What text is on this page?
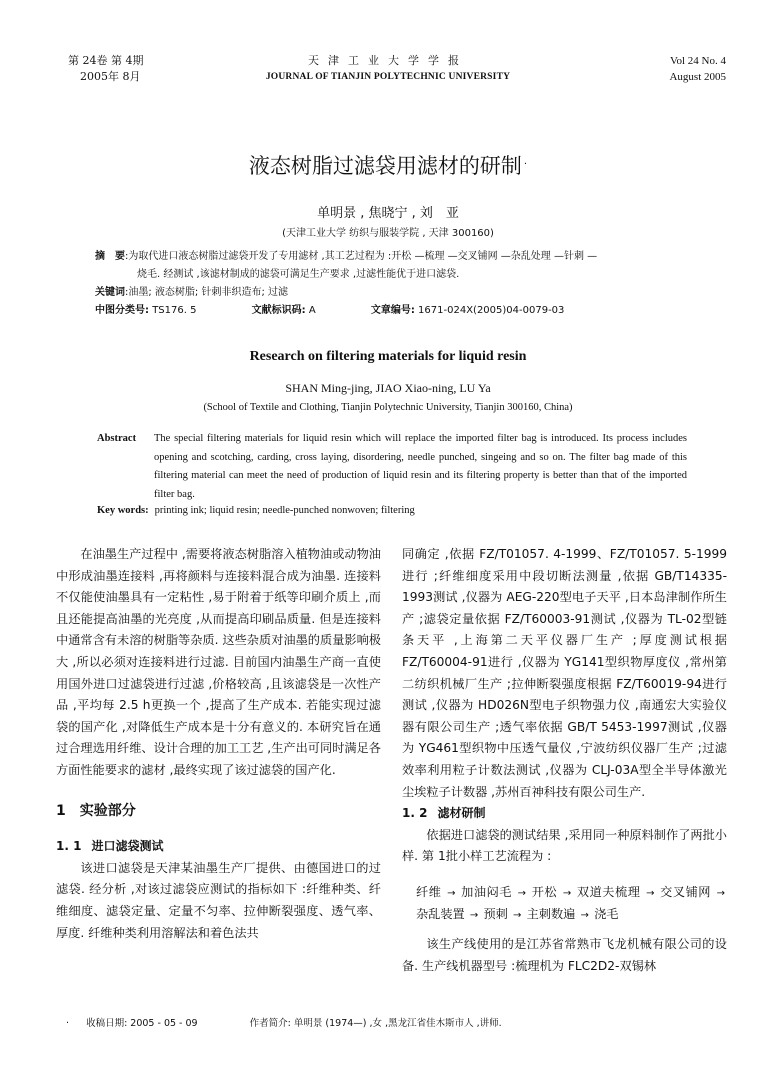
第 24卷 第 4期
2005年 8月
天津工业大学学报
JOURNAL OF TIANJIN POLYTECHNIC UNIVERSITY
Vol 24 No. 4
August 2005
液态树脂过滤袋用滤材的研制 ·
单明景 , 焦晓宁 , 刘　亚
(天津工业大学 纺织与服装学院 , 天津 300160)
摘　要:为取代进口液态树脂过滤袋开发了专用滤材 ,其工艺过程为 :开松 —梳理 —交叉铺网 —杂乱处理 —针刺 —
烧毛. 经测试 ,该滤材制成的滤袋可满足生产要求 ,过滤性能优于进口滤袋.
关键词:油墨; 液态树脂; 针刺非织造布; 过滤
中图分类号: TS176. 5	文献标识码: A	文章编号: 1671-024X(2005)04-0079-03
Research on filtering materials for liquid resin
SHAN Ming-jing, JIAO Xiao-ning, LU Ya
(School of Textile and Clothing, Tianjin Polytechnic University, Tianjin 300160, China)
Abstract	The special filtering materials for liquid resin which will replace the imported filter bag is introduced. Its process includes opening and scotching, carding, cross laying, disordering, needle punched, singeing and so on. The filter bag made of this filtering material can meet the need of production of liquid resin and its filtering property is better than that of the imported filter bag.
Key words: printing ink; liquid resin; needle-punched nonwoven; filtering

在油墨生产过程中 ,需要将液态树脂溶入植物油或动物油中形成油墨连接料 ,再将颜料与连接料混合成为油墨. 连接料不仅能使油墨具有一定粘性 ,易于附着于纸等印刷介质上 ,而且还能提高油墨的光亮度 ,从而提高印刷品质量. 但是连接料中通常含有未溶的树脂等杂质. 这些杂质对油墨的质量影响极大 ,所以必须对连接料进行过滤. 目前国内油墨生产商一直使用国外进口过滤袋进行过滤 ,价格较高 ,且该滤袋是一次性产品 ,平均每 2.5 h更换一个 ,提高了生产成本. 若能实现过滤袋的国产化 ,对降低生产成本是十分有意义的. 本研究旨在通过合理选用纤维、设计合理的加工工艺 ,生产出可同时满足各方面性能要求的滤材 ,最终实现了该过滤袋的国产化.

1 实验部分
1. 1 进口滤袋测试

该进口滤袋是天津某油墨生产厂提供、由德国进口的过滤袋. 经分析 ,对该过滤袋应测试的指标如下 :纤维种类、纤维细度、滤袋定量、定量不匀率、拉伸断裂强度、透气率、厚度. 纤维种类利用溶解法和着色法共

同确定 ,依据 FZ/T01057. 4-1999、FZ/T01057. 5-1999进行 ;纤维细度采用中段切断法测量 ,依据 GB/T14335-1993测试 ,仪器为 AEG-220型电子天平 ,日本岛津制作所生产 ;滤袋定量依据 FZ/T60003-91测试 ,仪器为 TL-02型链条天平 ,上海第二天平仪器厂生产 ;厚度测试根据 FZ/T60004-91进行 ,仪器为 YG141型织物厚度仪 ,常州第二纺织机械厂生产 ;拉伸断裂强度根据 FZ/T60019-94进行测试 ,仪器为 HD026N型电子织物强力仪 ,南通宏大实验仪器有限公司生产 ;透气率依据 GB/T 5453-1997测试 ,仪器为 YG461型织物中压透气量仪 ,宁波纺织仪器厂生产 ;过滤效率利用粒子计数法测试 ,仪器为 CLJ-03A型全半导体激光尘埃粒子计数器 ,苏州百神科技有限公司生产.

1. 2 滤材研制

依据进口滤袋的测试结果 ,采用同一种原料制作了两批小样. 第 1批小样工艺流程为 :

纤维 → 加油闷毛 → 开松 → 双道夫梳理 → 交叉铺网 → 杂乱装置 → 预刺 → 主刺数遍 → 浇毛

该生产线使用的是江苏省常熟市飞龙机械有限公司的设备. 生产线机器型号 :梳理机为 FLC2D2-双锡林

· 收稿日期: 2005 - 05 - 09	作者简介: 单明景 (1974—) ,女 ,黑龙江省佳木斯市人 ,讲师.
